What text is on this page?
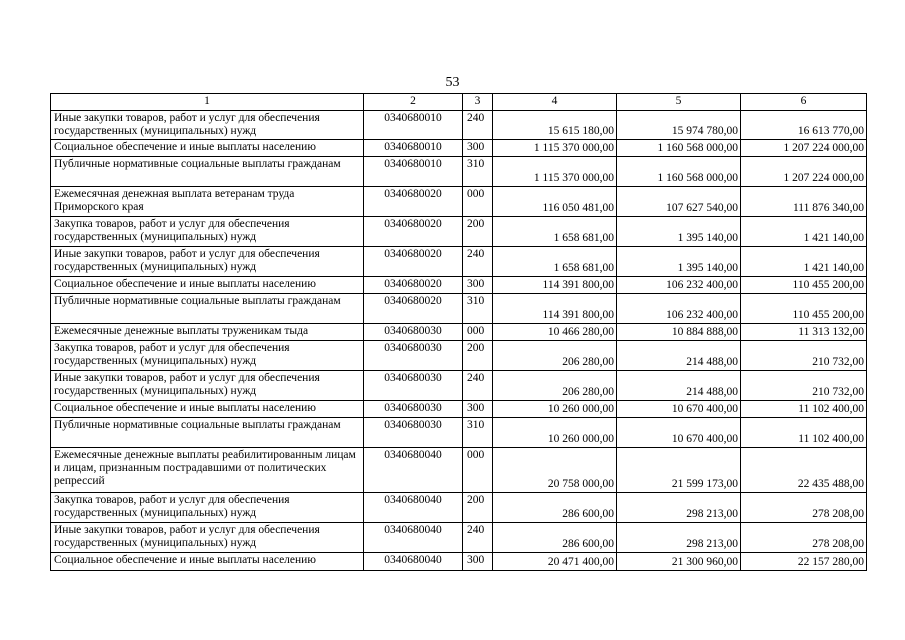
53
1	2	3	4	5	6
Иные закупки товаров, работ и услуг для обеспечения государственных (муниципальных) нужд	0340680010	240	15 615 180,00	15 974 780,00	16 613 770,00
Социальное обеспечение и иные выплаты населению	0340680010	300	1 115 370 000,00	1 160 568 000,00	1 207 224 000,00
Публичные нормативные социальные выплаты гражданам	0340680010	310	1 115 370 000,00	1 160 568 000,00	1 207 224 000,00
Ежемесячная денежная выплата ветеранам труда Приморского края	0340680020	000	116 050 481,00	107 627 540,00	111 876 340,00
Закупка товаров, работ и услуг для обеспечения государственных (муниципальных) нужд	0340680020	200	1 658 681,00	1 395 140,00	1 421 140,00
Иные закупки товаров, работ и услуг для обеспечения государственных (муниципальных) нужд	0340680020	240	1 658 681,00	1 395 140,00	1 421 140,00
Социальное обеспечение и иные выплаты населению	0340680020	300	114 391 800,00	106 232 400,00	110 455 200,00
Публичные нормативные социальные выплаты гражданам	0340680020	310	114 391 800,00	106 232 400,00	110 455 200,00
Ежемесячные денежные выплаты труженикам тыда	0340680030	000	10 466 280,00	10 884 888,00	11 313 132,00
Закупка товаров, работ и услуг для обеспечения государственных (муниципальных) нужд	0340680030	200	206 280,00	214 488,00	210 732,00
Иные закупки товаров, работ и услуг для обеспечения государственных (муниципальных) нужд	0340680030	240	206 280,00	214 488,00	210 732,00
Социальное обеспечение и иные выплаты населению	0340680030	300	10 260 000,00	10 670 400,00	11 102 400,00
Публичные нормативные социальные выплаты гражданам	0340680030	310	10 260 000,00	10 670 400,00	11 102 400,00
Ежемесячные денежные выплаты реабилитированным лицам и лицам, признанным пострадавшими от политических репрессий	0340680040	000	20 758 000,00	21 599 173,00	22 435 488,00
Закупка товаров, работ и услуг для обеспечения государственных (муниципальных) нужд	0340680040	200	286 600,00	298 213,00	278 208,00
Иные закупки товаров, работ и услуг для обеспечения государственных (муниципальных) нужд	0340680040	240	286 600,00	298 213,00	278 208,00
Социальное обеспечение и иные выплаты населению	0340680040	300	20 471 400,00	21 300 960,00	22 157 280,00
